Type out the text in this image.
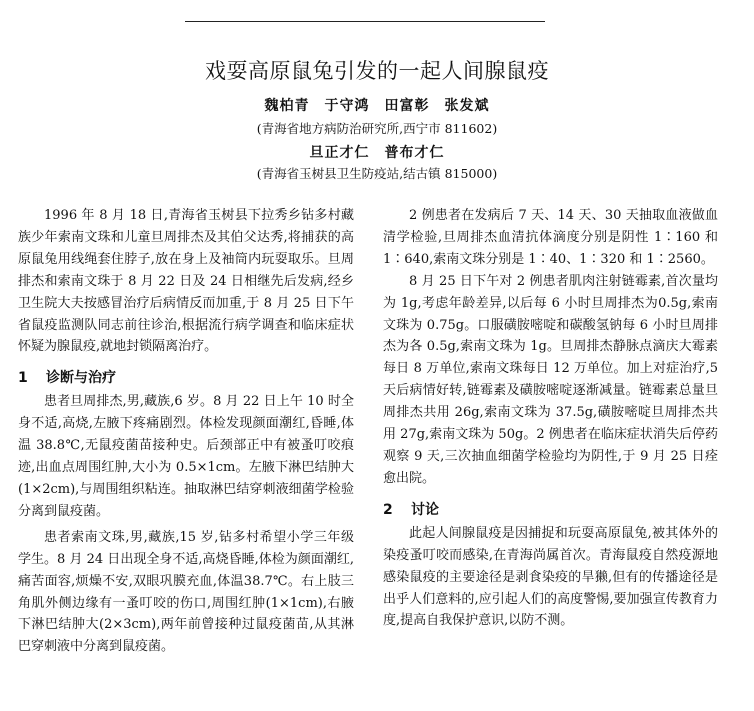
戏耍高原鼠兔引发的一起人间腺鼠疫
魏柏青　于守鸿　田富彰　张发斌
(青海省地方病防治研究所,西宁市 811602)
旦正才仁　普布才仁
(青海省玉树县卫生防疫站,结古镇 815000)

1996 年 8 月 18 日,青海省玉树县下拉秀乡钻多村藏族少年索南文珠和儿童旦周排杰及其伯父达秀,将捕获的高原鼠兔用线绳套住脖子,放在身上及袖筒内玩耍取乐。旦周排杰和索南文珠于 8 月 22 日及 24 日相继先后发病,经乡卫生院大夫按感冒治疗后病情反而加重,于 8 月 25 日下午省鼠疫监测队同志前往诊治,根据流行病学调查和临床症状怀疑为腺鼠疫,就地封锁隔离治疗。

1 诊断与治疗

患者旦周排杰,男,藏族,6 岁。8 月 22 日上午 10 时全身不适,高烧,左腋下疼痛剧烈。体检发现颜面潮红,昏睡,体温 38.8℃,无鼠疫菌苗接种史。后颈部正中有被蚤叮咬痕迹,出血点周围红肿,大小为 0.5×1cm。左腋下淋巴结肿大(1×2cm),与周围组织粘连。抽取淋巴结穿刺液细菌学检验分离到鼠疫菌。

患者索南文珠,男,藏族,15 岁,钻多村希望小学三年级学生。8 月 24 日出现全身不适,高烧昏睡,体检为颜面潮红,痛苦面容,烦燥不安,双眼巩膜充血,体温38.7℃。右上肢三角肌外侧边缘有一蚤叮咬的伤口,周围红肿(1×1cm),右腋下淋巴结肿大(2×3cm),两年前曾接种过鼠疫菌苗,从其淋巴穿刺液中分离到鼠疫菌。

2 例患者在发病后 7 天、14 天、30 天抽取血液做血清学检验,旦周排杰血清抗体滴度分别是阴性 1∶160 和 1∶640,索南文珠分别是 1∶40、1∶320 和 1∶2560。

8 月 25 日下午对 2 例患者肌肉注射链霉素,首次量均为 1g,考虑年龄差异,以后每 6 小时旦周排杰为0.5g,索南文珠为 0.75g。口服磺胺嘧啶和碳酸氢钠每 6 小时旦周排杰为各 0.5g,索南文珠为 1g。旦周排杰静脉点滴庆大霉素每日 8 万单位,索南文珠每日 12 万单位。加上对症治疗,5 天后病情好转,链霉素及磺胺嘧啶逐渐减量。链霉素总量旦周排杰共用 26g,索南文珠为 37.5g,磺胺嘧啶旦周排杰共用 27g,索南文珠为 50g。2 例患者在临床症状消失后停药观察 9 天,三次抽血细菌学检验均为阴性,于 9 月 25 日痊愈出院。

2 讨论

此起人间腺鼠疫是因捕捉和玩耍高原鼠兔,被其体外的染疫蚤叮咬而感染,在青海尚属首次。青海鼠疫自然疫源地感染鼠疫的主要途径是剥食染疫的旱獭,但有的传播途径是出乎人们意料的,应引起人们的高度警惕,要加强宣传教育力度,提高自我保护意识,以防不测。
